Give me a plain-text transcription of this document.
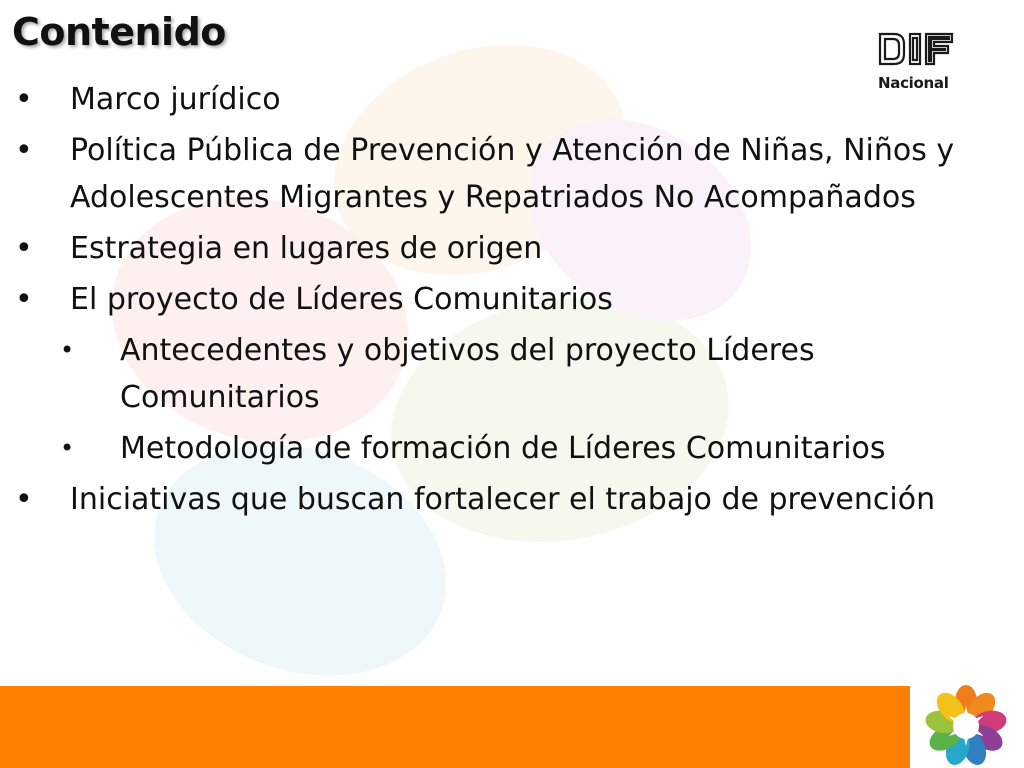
Contenido
Nacional
• Marco jurídico
• Política Pública de Prevención y Atención de Niñas, Niños y Adolescentes Migrantes y Repatriados No Acompañados
• Estrategia en lugares de origen
• El proyecto de Líderes Comunitarios
• Antecedentes y objetivos del proyecto Líderes Comunitarios
• Metodología de formación de Líderes Comunitarios
• Iniciativas que buscan fortalecer el trabajo de prevención
